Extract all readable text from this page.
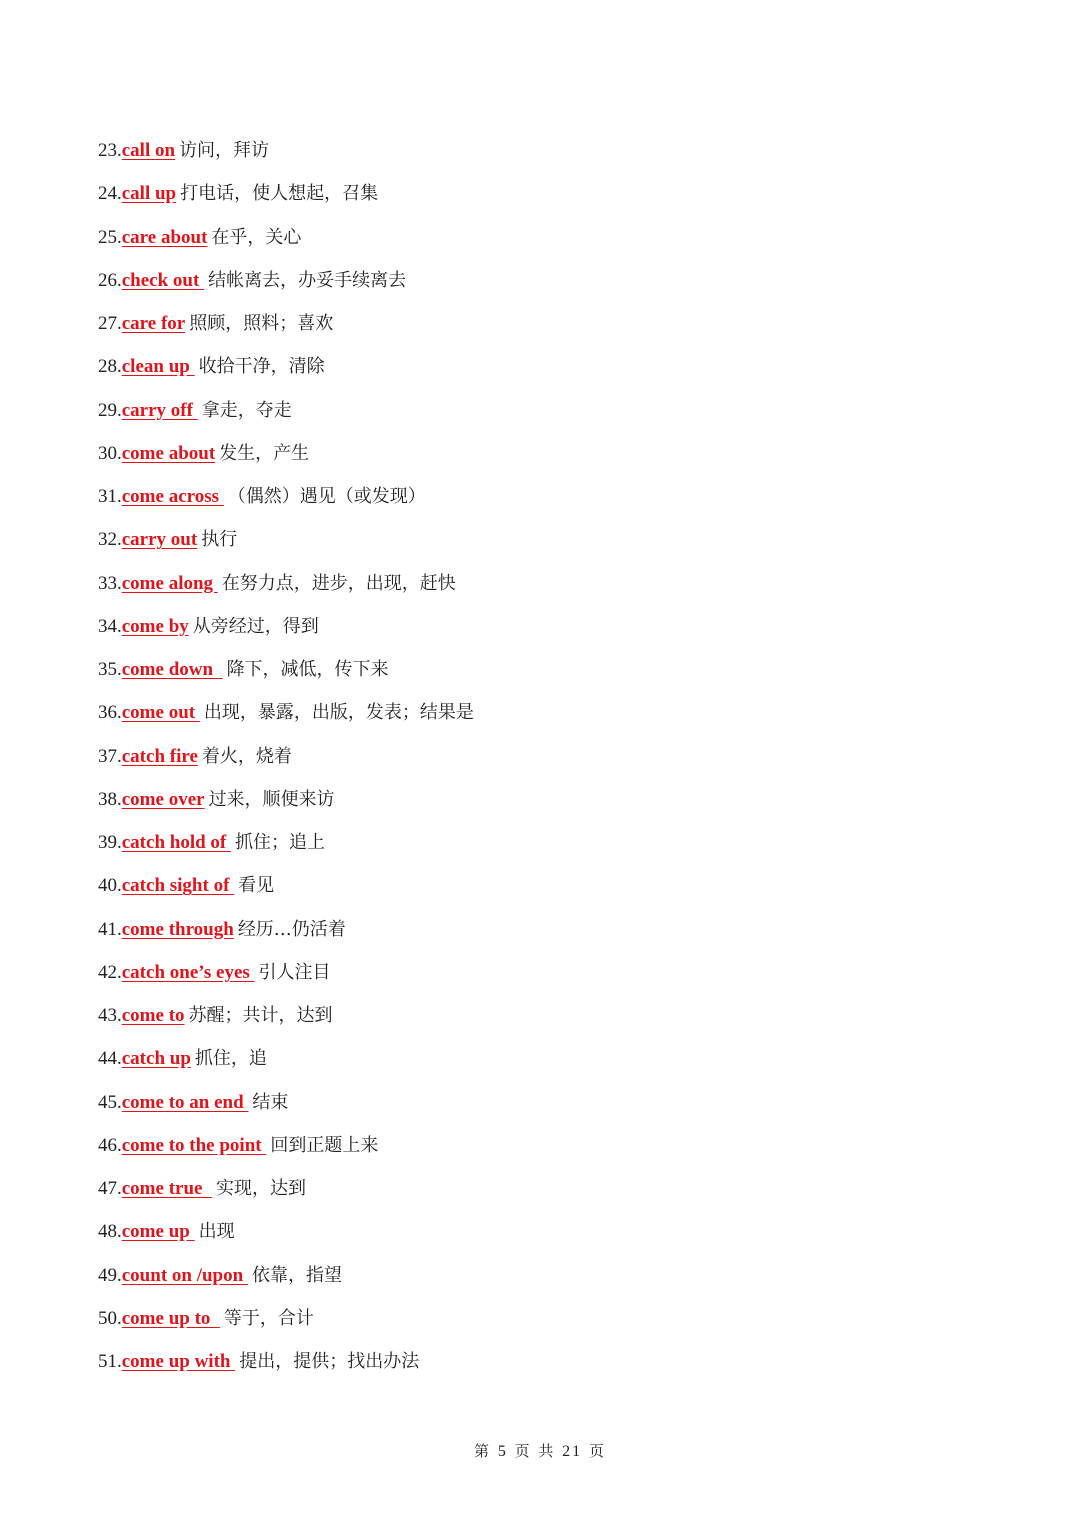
23.call on 访问，拜访
24.call up 打电话，使人想起，召集
25.care about 在乎，关心
26.check out 结帐离去，办妥手续离去
27.care for 照顾，照料；喜欢
28.clean up 收拾干净，清除
29.carry off 拿走，夺走
30.come about 发生，产生
31.come across （偶然）遇见（或发现）
32.carry out 执行
33.come along 在努力点，进步，出现，赶快
34.come by 从旁经过，得到
35.come down  降下，减低，传下来
36.come out 出现，暴露，出版，发表；结果是
37.catch fire 着火，烧着
38.come over 过来，顺便来访
39.catch hold of 抓住；追上
40.catch sight of 看见
41.come through 经历…仍活着
42.catch one’s eyes 引人注目
43.come to 苏醒；共计，达到
44.catch up 抓住，追
45.come to an end 结束
46.come to the point 回到正题上来
47.come true  实现，达到
48.come up 出现
49.count on /upon 依靠，指望
50.come up to  等于，合计
51.come up with 提出，提供；找出办法
第 5 页 共 21 页
